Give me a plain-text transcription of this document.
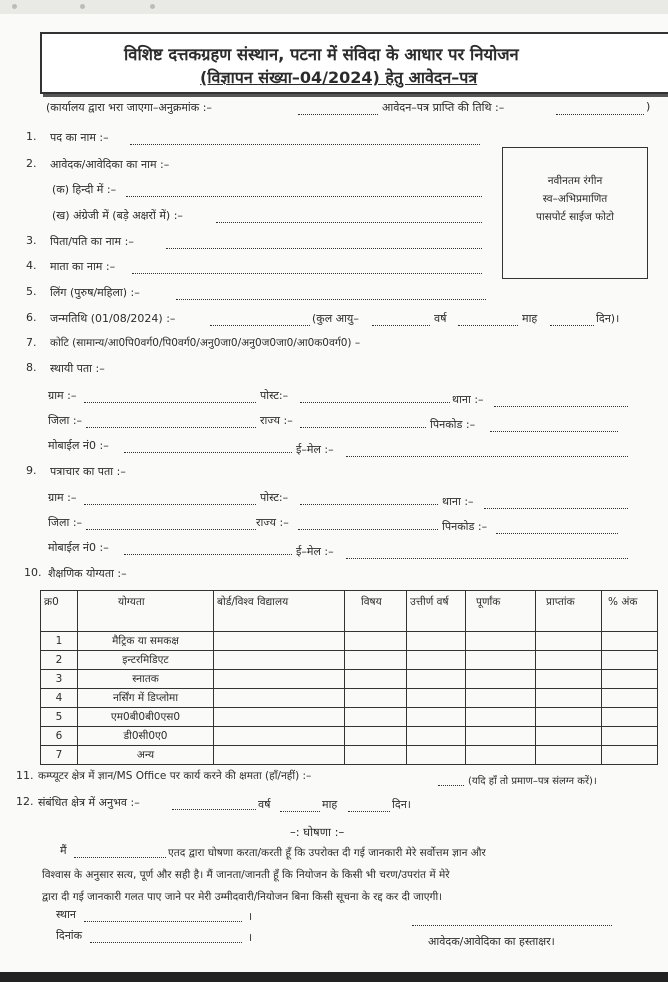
विशिष्ट दत्तकग्रहण संस्थान, पटना में संविदा के आधार पर नियोजन
(विज्ञापन संख्या–04/2024) हेतु आवेदन–पत्र
(कार्यालय द्वारा भरा जाएगा–अनुक्रमांक :–	आवेदन–पत्र प्राप्ति की तिथि :–	)
नवीनतम रंगीन
स्व–अभिप्रमाणित
पासपोर्ट साईज फोटो
1. पद का नाम :–
2. आवेदक/आवेदिका का नाम :–
(क) हिन्दी में :–
(ख) अंग्रेजी में (बड़े अक्षरों में) :–
3. पिता/पति का नाम :–
4. माता का नाम :–
5. लिंग (पुरुष/महिला) :–
6. जन्मतिथि (01/08/2024) :–	(कुल आयु–	वर्ष	माह	दिन)।
7. कोटि (सामान्य/आ0पि0वर्ग0/पि0वर्ग0/अनु0जा0/अनु0ज0जा0/आ0क0वर्ग0) –
8. स्थायी पता :–
ग्राम :–	पोस्ट:–	थाना :–
जिला :–	राज्य :–	पिनकोड :–
मोबाईल नं0 :–	ई–मेल :–
9. पत्राचार का पता :–
ग्राम :–	पोस्ट:–	थाना :–
जिला :–	राज्य :–	पिनकोड :–
मोबाईल नं0 :–	ई–मेल :–
10. शैक्षणिक योग्यता :–
क्र0	योग्यता	बोर्ड/विश्व विद्यालय	विषय	उत्तीर्ण वर्ष	पूर्णांक	प्राप्तांक	% अंक
1	मैट्रिक या समकक्ष						
2	इन्टरमिडिएट						
3	स्नातक						
4	नर्सिंग में डिप्लोमा						
5	एम0बी0बी0एस0						
6	डी0सी0ए0						
7	अन्य						
11. कम्प्यूटर क्षेत्र में ज्ञान/MS Office पर कार्य करने की क्षमता (हाँ/नहीं) :–	(यदि हाँ तो प्रमाण–पत्र संलग्न करें)।
12. संबंधित क्षेत्र में अनुभव :–	वर्ष	माह	दिन।
–: घोषणा :–
मैं	एतद द्वारा घोषणा करता/करती हूँ कि उपरोक्त दी गई जानकारी मेरे सर्वोत्तम ज्ञान और
विश्वास के अनुसार सत्य, पूर्ण और सही है। मैं जानता/जानती हूँ कि नियोजन के किसी भी चरण/उपरांत में मेरे
द्वारा दी गई जानकारी गलत पाए जाने पर मेरी उम्मीदवारी/नियोजन बिना किसी सूचना के रद्द कर दी जाएगी।
स्थान	।
दिनांक	।	आवेदक/आवेदिका का हस्ताक्षर।
